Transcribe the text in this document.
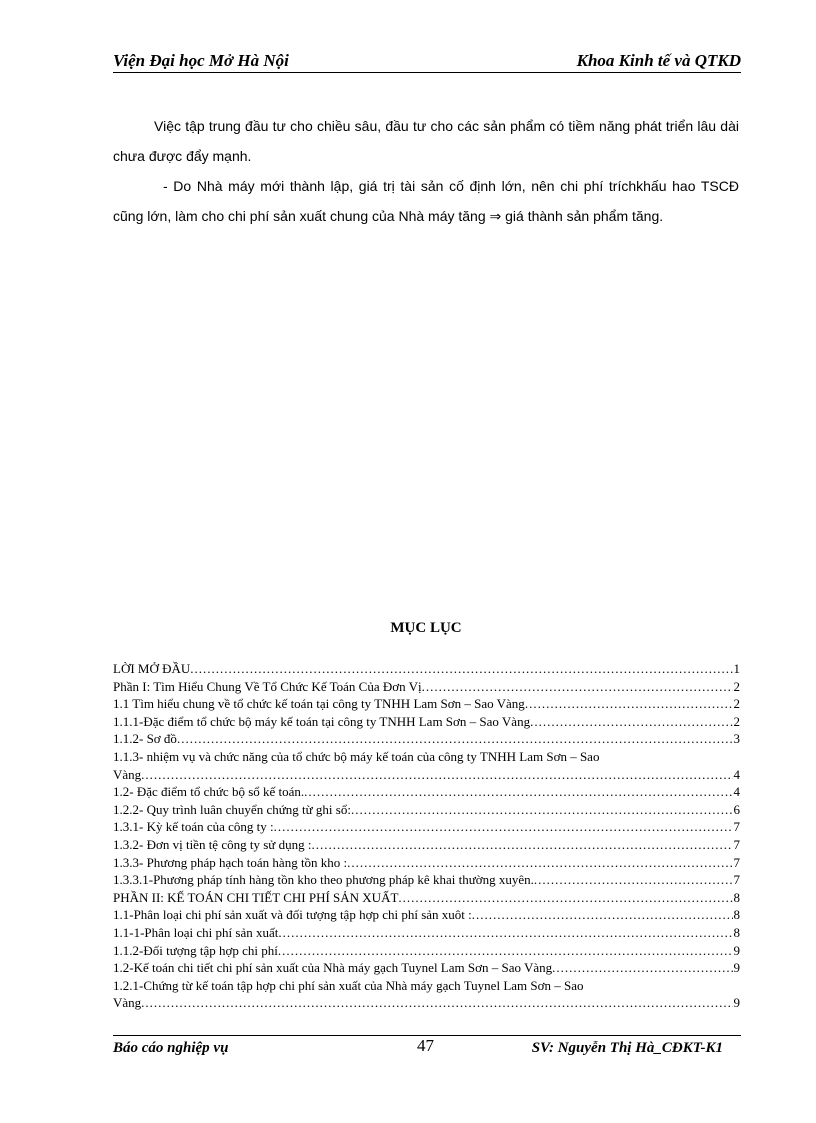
Viện Đại học Mở Hà Nội	Khoa Kinh tế và QTKD

Việc tập trung đầu tư cho chiều sâu, đầu tư cho các sản phẩm có tiềm năng phát triển lâu dài chưa được đẩy mạnh.

- Do Nhà máy mới thành lập, giá trị tài sản cố định lớn, nên chi phí tríchkhấu hao TSCĐ cũng lớn, làm cho chi phí sản xuất chung của Nhà máy tăng ⇒ giá thành sản phẩm tăng.

MỤC LỤC
LỜI MỞ ĐẦU .....	1
Phần I: Tìm Hiểu Chung Về Tổ Chức Kế Toán Của Đơn Vị .....	2
1.1 Tìm hiểu chung về tổ chức kế toán tại công ty TNHH Lam Sơn – Sao Vàng .....	2
1.1.1-Đặc điểm tổ chức bộ máy kế toán tại công ty TNHH Lam Sơn – Sao Vàng .....	2
1.1.2- Sơ đồ .....	3
1.1.3- nhiệm vụ và chức năng của tổ chức bộ máy kế toán của công ty TNHH Lam Sơn – Sao
Vàng .....	4
1.2- Đặc điểm tổ chức bộ sổ kế toán. .....	4
1.2.2- Quy trình luân chuyển chứng từ ghi sổ: .....	6
1.3.1- Kỳ kế toán của công ty : .....	7
1.3.2- Đơn vị tiền tệ công ty sử dụng : .....	7
1.3.3- Phương pháp hạch toán hàng tồn kho : .....	7
1.3.3.1-Phương pháp tính hàng tồn kho theo phương pháp kê khai thường xuyên. .....	7
PHẦN II: KẾ TOÁN CHI TIẾT CHI PHÍ SẢN XUẤT .....	8
1.1-Phân loại chi phí sản xuất và đối tượng tập hợp chi phí sản xuôt : .....	8
1.1-1-Phân loại chi phí sản xuất .....	8
1.1.2-Đối tượng tập hợp chi phí .....	9
1.2-Kế toán chi tiết chi phí sản xuất của Nhà máy gạch Tuynel Lam Sơn – Sao Vàng .....	9
1.2.1-Chứng từ kế toán tập hợp chi phí sản xuất của Nhà máy gạch Tuynel Lam Sơn – Sao
Vàng .....	9
Báo cáo nghiệp vụ	47	SV: Nguyễn Thị Hà_CĐKT-K1
